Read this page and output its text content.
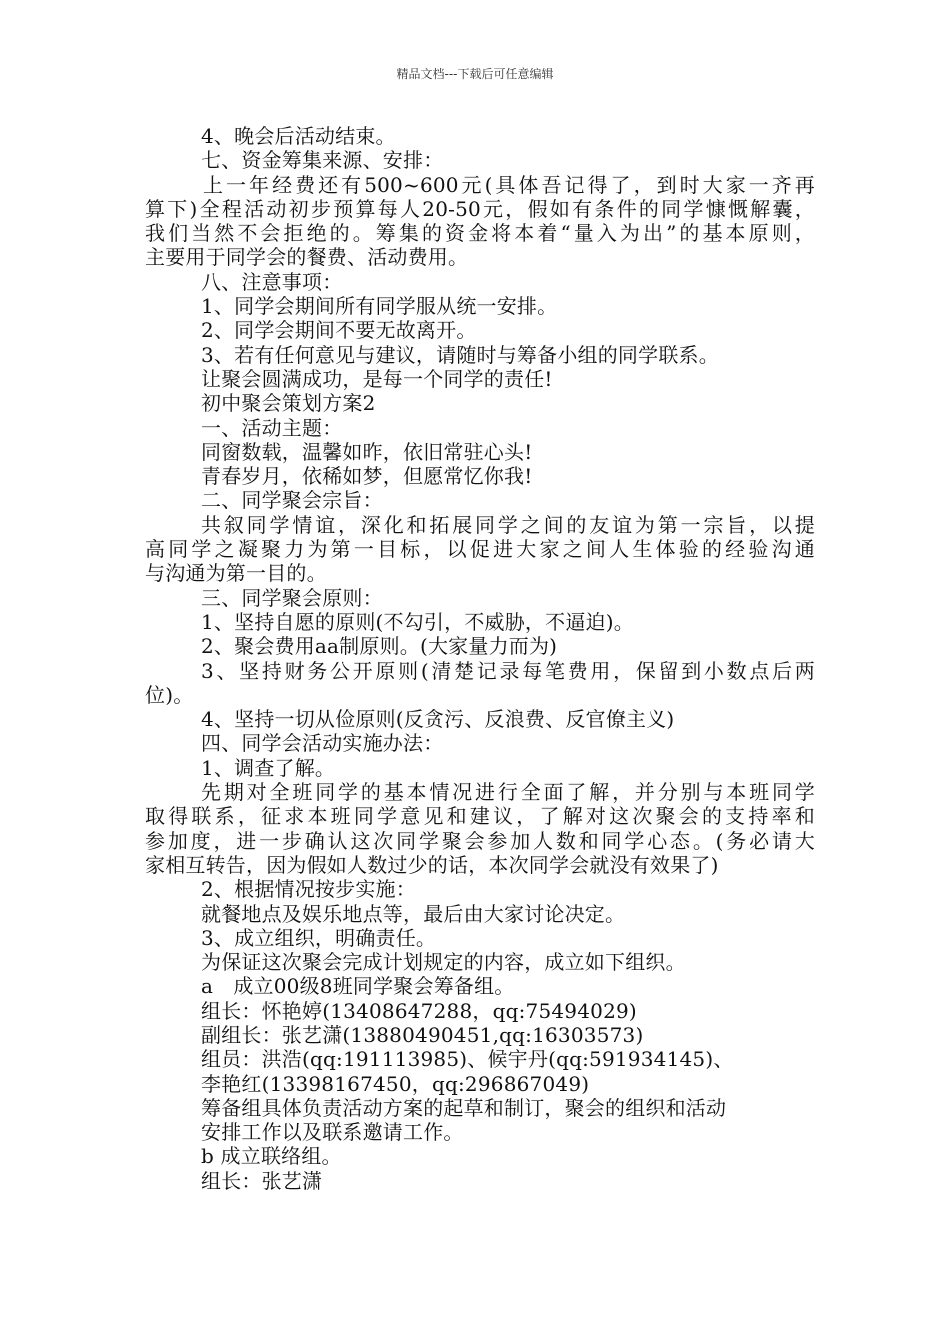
精品文档---下载后可任意编辑
4、晚会后活动结束。
七、资金筹集来源、安排：
上一年经费还有500~600元(具体吾记得了，到时大家一齐再
算下)全程活动初步预算每人20-50元，假如有条件的同学慷慨解囊，
我们当然不会拒绝的。筹集的资金将本着“量入为出”的基本原则，
主要用于同学会的餐费、活动费用。
八、注意事项：
1、同学会期间所有同学服从统一安排。
2、同学会期间不要无故离开。
3、若有任何意见与建议，请随时与筹备小组的同学联系。
让聚会圆满成功，是每一个同学的责任!
初中聚会策划方案2
一、活动主题：
同窗数载，温馨如昨，依旧常驻心头!
青春岁月，依稀如梦，但愿常忆你我!
二、同学聚会宗旨：
共叙同学情谊，深化和拓展同学之间的友谊为第一宗旨，以提
高同学之凝聚力为第一目标，以促进大家之间人生体验的经验沟通
与沟通为第一目的。
三、同学聚会原则：
1、坚持自愿的原则(不勾引，不威胁，不逼迫)。
2、聚会费用aa制原则。(大家量力而为)
3、坚持财务公开原则(清楚记录每笔费用，保留到小数点后两
位)。
4、坚持一切从俭原则(反贪污、反浪费、反官僚主义)
四、同学会活动实施办法：
1、调查了解。
先期对全班同学的基本情况进行全面了解，并分别与本班同学
取得联系，征求本班同学意见和建议，了解对这次聚会的支持率和
参加度，进一步确认这次同学聚会参加人数和同学心态。(务必请大
家相互转告，因为假如人数过少的话，本次同学会就没有效果了)
2、根据情况按步实施：
就餐地点及娱乐地点等，最后由大家讨论决定。
3、成立组织，明确责任。
为保证这次聚会完成计划规定的内容，成立如下组织。
a　成立00级8班同学聚会筹备组。
组长：怀艳婷(13408647288，qq:75494029)
副组长：张艺潇(13880490451,qq:16303573)
组员：洪浩(qq:191113985)、候宇丹(qq:591934145)、
李艳红(13398167450，qq:296867049)
筹备组具体负责活动方案的起草和制订，聚会的组织和活动
安排工作以及联系邀请工作。
b 成立联络组。
组长：张艺潇
